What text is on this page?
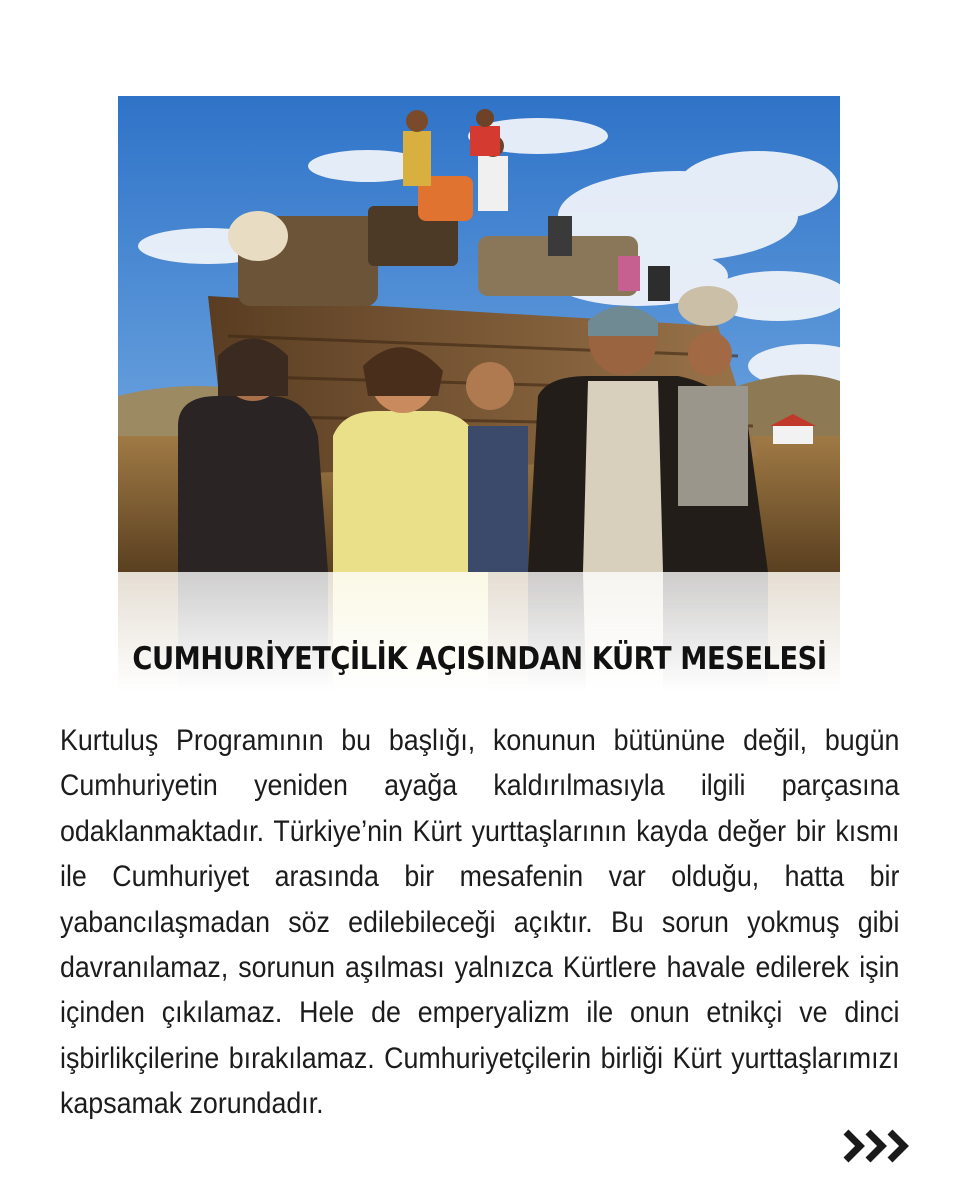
CUMHURİYETÇİLİK AÇISINDAN KÜRT MESELESİ

Kurtuluş Programının bu başlığı, konunun bütününe değil, bugün Cumhuriyetin yeniden ayağa kaldırılmasıyla ilgili parçasına odaklanmaktadır. Türkiye’nin Kürt yurttaşlarının kayda değer bir kısmı ile Cumhuriyet arasında bir mesafenin var olduğu, hatta bir yabancılaşmadan söz edilebileceği açıktır. Bu sorun yokmuş gibi davranılamaz, sorunun aşılması yalnızca Kürtlere havale edilerek işin içinden çıkılamaz. Hele de emperyalizm ile onun etnikçi ve dinci işbirlikçilerine bırakılamaz. Cumhuriyetçilerin birliği Kürt yurttaşlarımızı kapsamak zorundadır.
